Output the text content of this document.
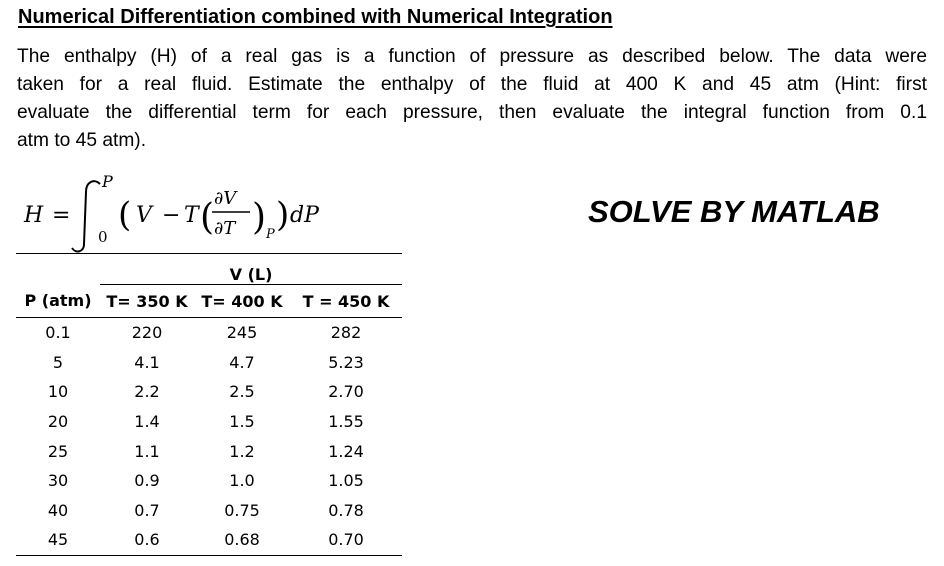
Numerical Differentiation combined with Numerical Integration
The enthalpy (H) of a real gas is a function of pressure as described below. The data were
taken for a real fluid. Estimate the enthalpy of the fluid at 400 K and 45 atm (Hint: first
evaluate the differential term for each pressure, then evaluate the integral function from 0.1
atm to 45 atm).
H =
P
0
( V − T ( ∂V
∂T ) P ) dP	SOLVE BY MATLAB
	V (L)		
P (atm)	T= 350 K	T= 400 K	T = 450 K
0.1	220	245	282
5	4.1	4.7	5.23
10	2.2	2.5	2.70
20	1.4	1.5	1.55
25	1.1	1.2	1.24
30	0.9	1.0	1.05
40	0.7	0.75	0.78
45	0.6	0.68	0.70
